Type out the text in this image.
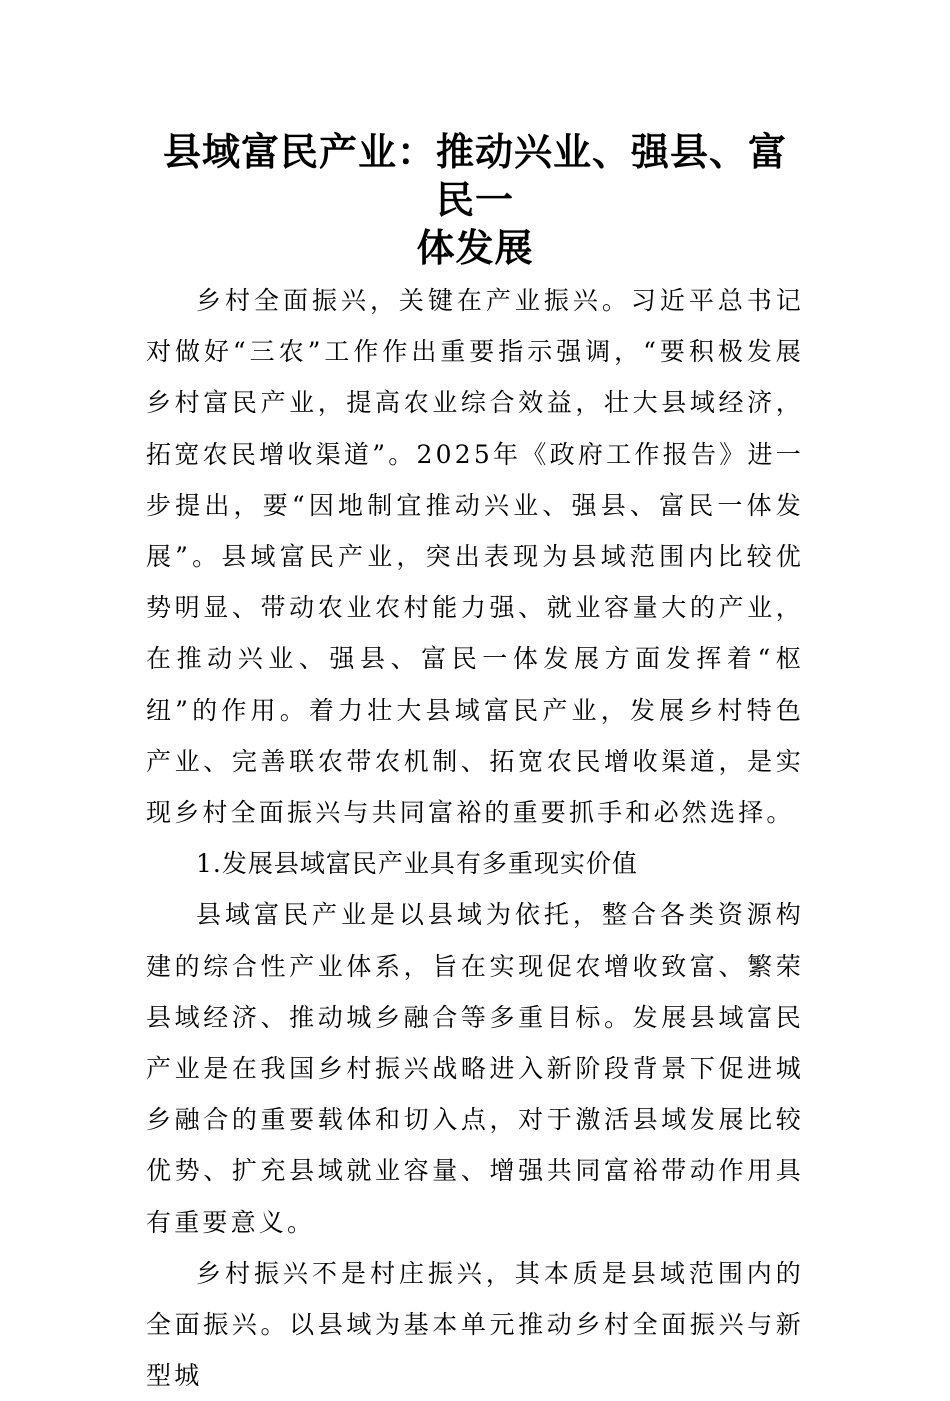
县域富民产业：推动兴业、强县、富民一
体发展

乡村全面振兴，关键在产业振兴。习近平总书记对做好“三农”工作作出重要指示强调，“要积极发展乡村富民产业，提高农业综合效益，壮大县域经济，拓宽农民增收渠道”。2025年《政府工作报告》进一步提出，要“因地制宜推动兴业、强县、富民一体发展”。县域富民产业，突出表现为县域范围内比较优势明显、带动农业农村能力强、就业容量大的产业，在推动兴业、强县、富民一体发展方面发挥着“枢纽”的作用。着力壮大县域富民产业，发展乡村特色产业、完善联农带农机制、拓宽农民增收渠道，是实现乡村全面振兴与共同富裕的重要抓手和必然选择。

1.发展县域富民产业具有多重现实价值

县域富民产业是以县域为依托，整合各类资源构建的综合性产业体系，旨在实现促农增收致富、繁荣县域经济、推动城乡融合等多重目标。发展县域富民产业是在我国乡村振兴战略进入新阶段背景下促进城乡融合的重要载体和切入点，对于激活县域发展比较优势、扩充县域就业容量、增强共同富裕带动作用具有重要意义。

乡村振兴不是村庄振兴，其本质是县域范围内的全面振兴。以县域为基本单元推动乡村全面振兴与新型城
